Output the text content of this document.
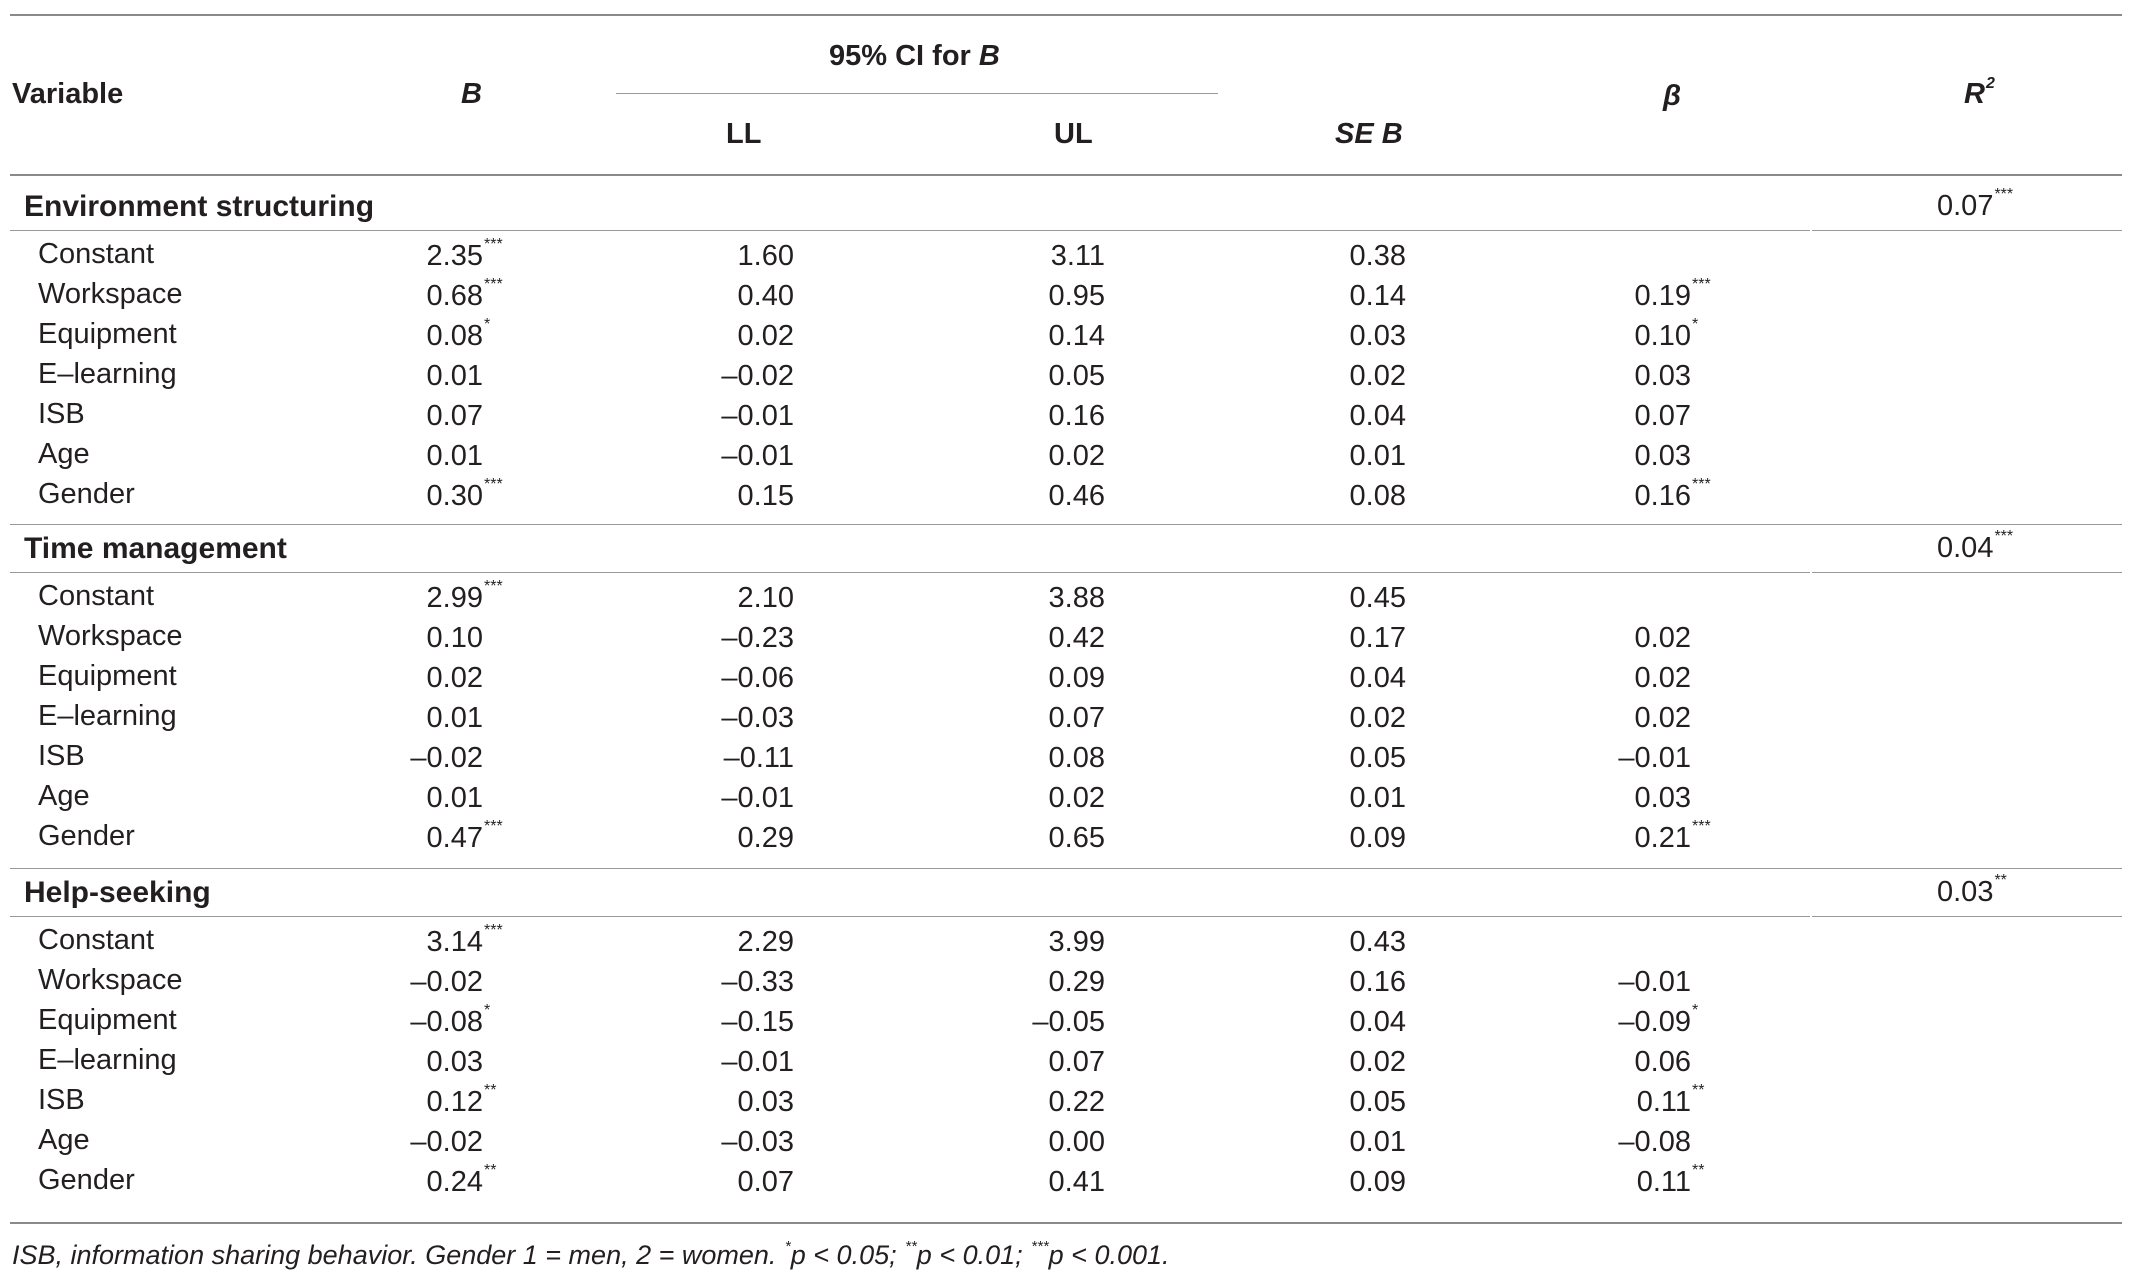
Variable	B
95% CI for B
LL	UL	SE B
β	$R^2$
Environment structuring	0.07***
Constant	2.35 ***	1.60	3.11	0.38
Workspace	0.68 ***	0.40	0.95	0.14	0.19 ***
Equipment	0.08 *	0.02	0.14	0.03	0.10 *
E–learning	0.01	–0.02	0.05	0.02	0.03
ISB	0.07	–0.01	0.16	0.04	0.07
Age	0.01	–0.01	0.02	0.01	0.03
Gender	0.30 ***	0.15	0.46	0.08	0.16 ***
Time management	0.04***
Constant	2.99 ***	2.10	3.88	0.45
Workspace	0.10	–0.23	0.42	0.17	0.02
Equipment	0.02	–0.06	0.09	0.04	0.02
E–learning	0.01	–0.03	0.07	0.02	0.02
ISB	–0.02	–0.11	0.08	0.05	–0.01
Age	0.01	–0.01	0.02	0.01	0.03
Gender	0.47 ***	0.29	0.65	0.09	0.21 ***
Help-seeking	0.03**
Constant	3.14 ***	2.29	3.99	0.43
Workspace	–0.02	–0.33	0.29	0.16	–0.01
Equipment	–0.08 *	–0.15	–0.05	0.04	–0.09 *
E–learning	0.03	–0.01	0.07	0.02	0.06
ISB	0.12 **	0.03	0.22	0.05	0.11 **
Age	–0.02	–0.03	0.00	0.01	–0.08
Gender	0.24 **	0.07	0.41	0.09	0.11 **
ISB, information sharing behavior. Gender 1 = men, 2 = women. *p < 0.05; **p < 0.01; ***p < 0.001.
